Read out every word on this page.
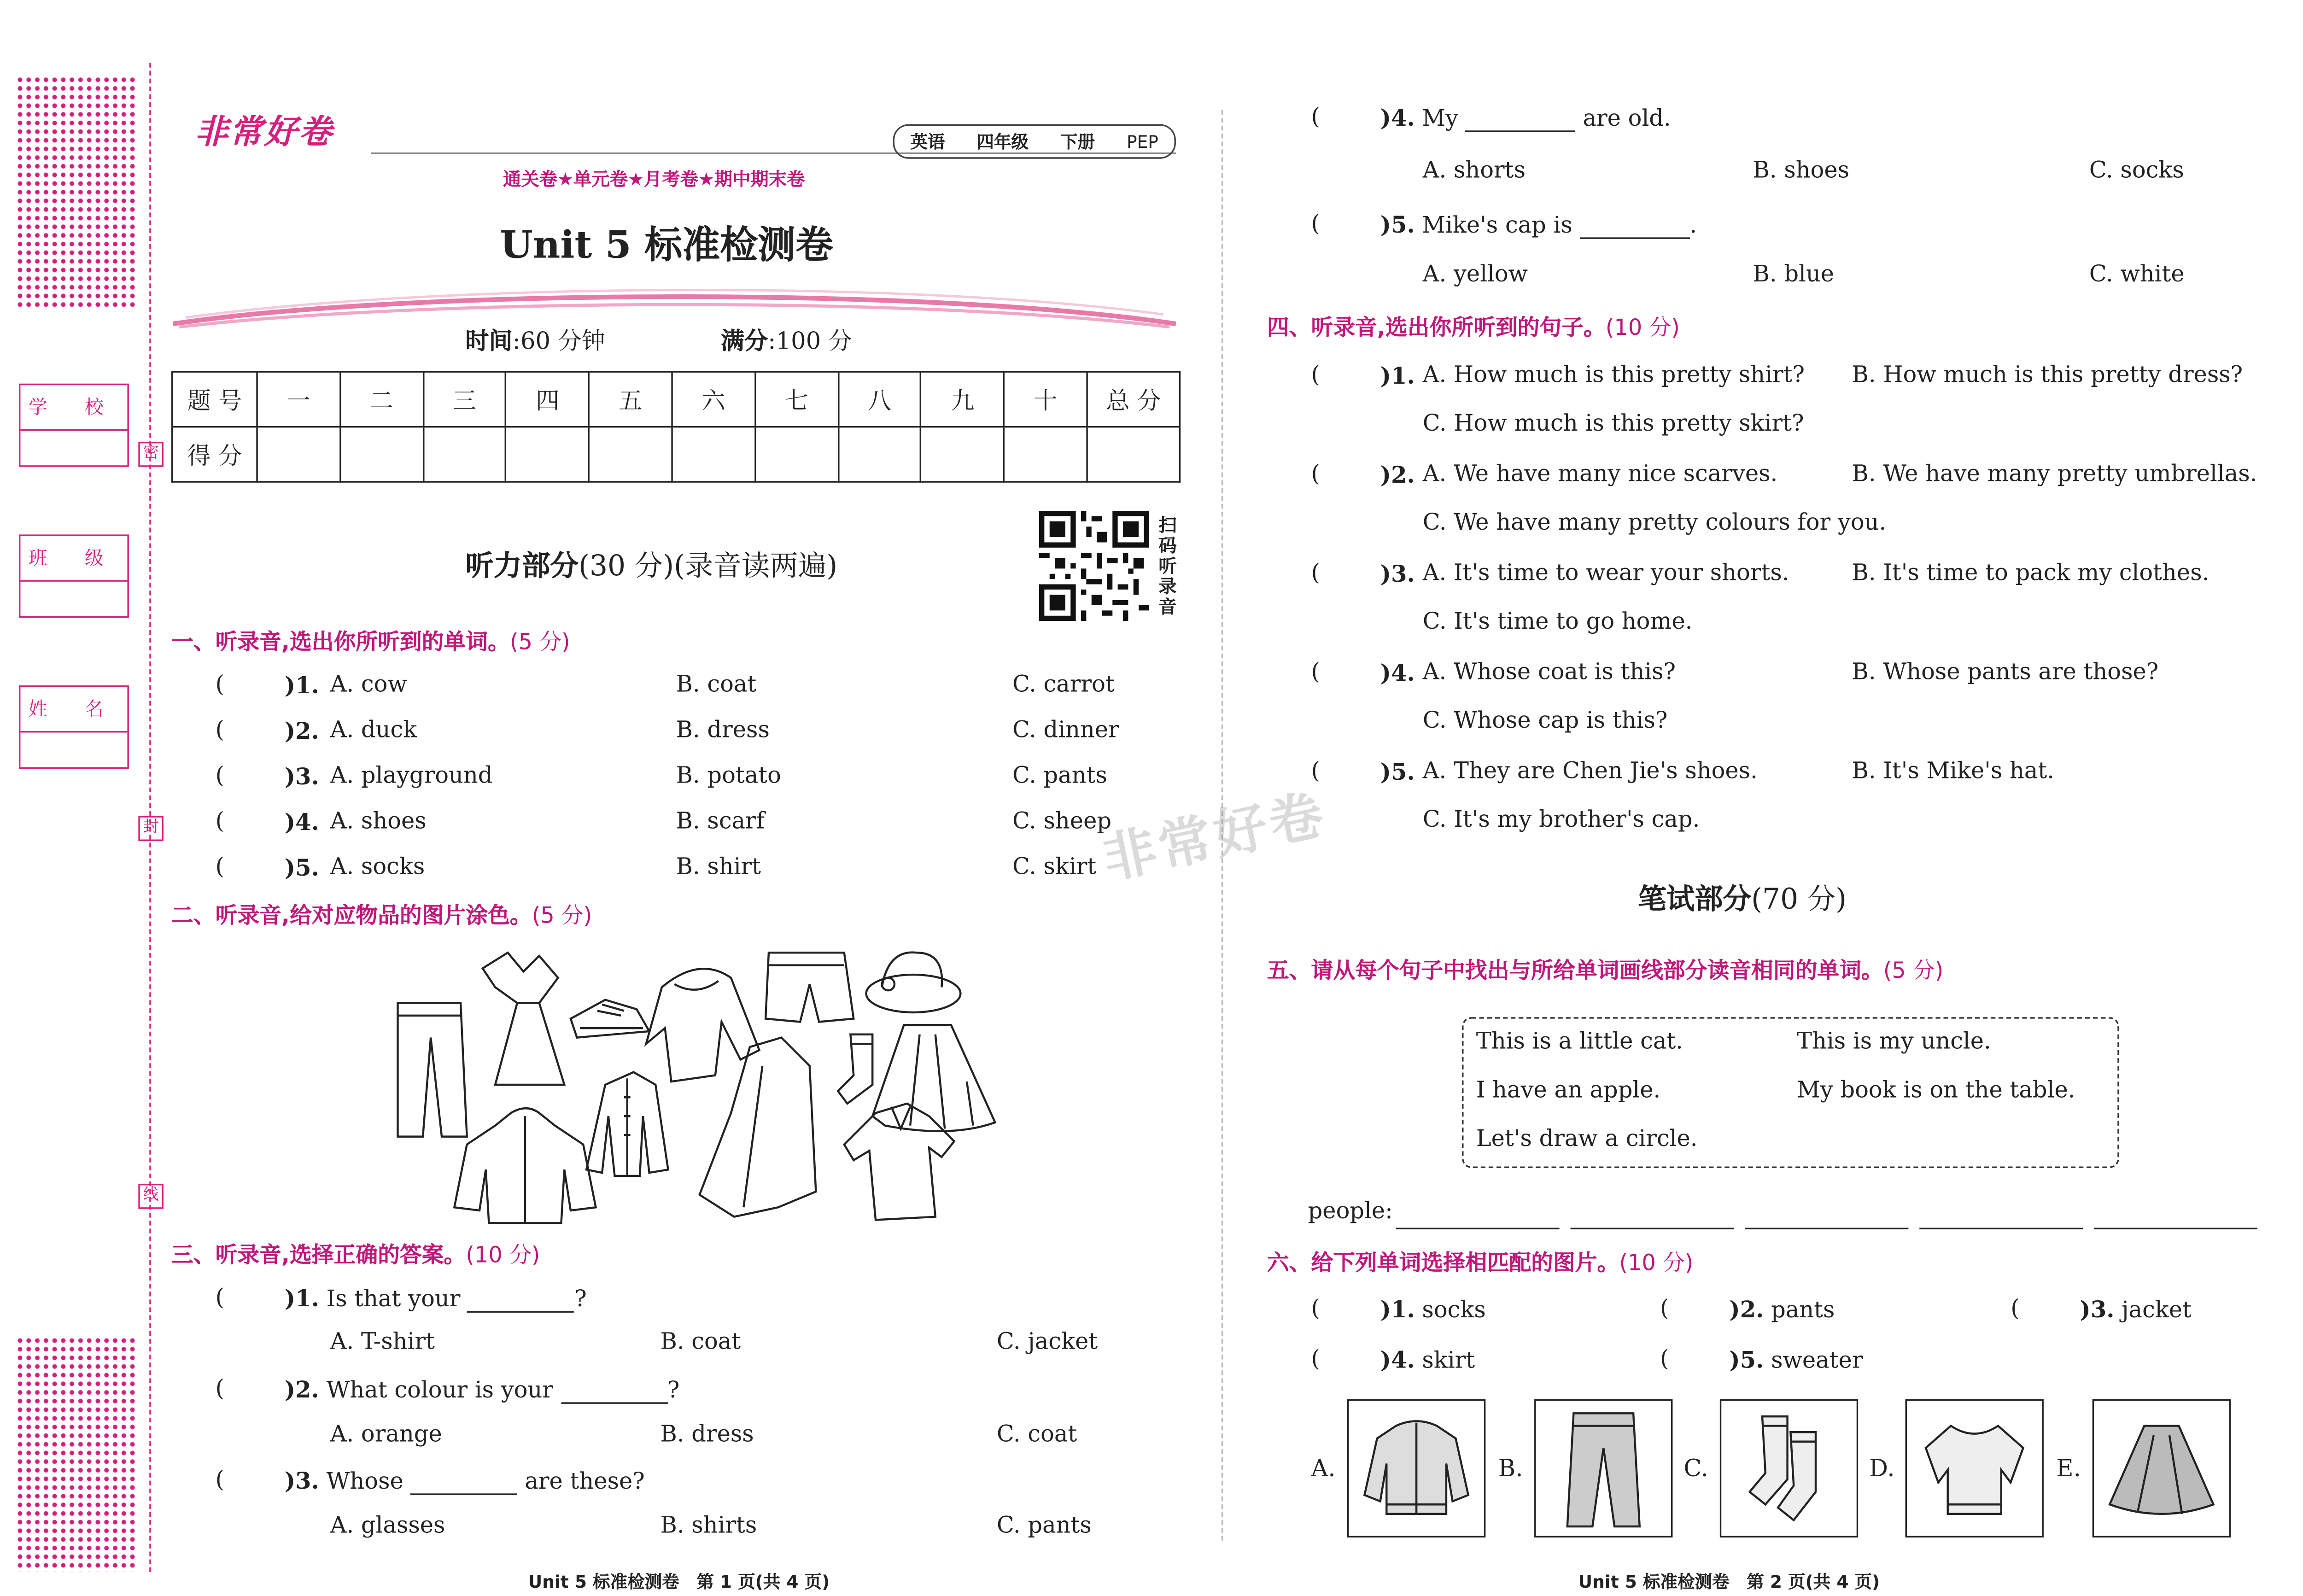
学 校
班 级
姓 名
密
封
线
非常好卷	英语	四年级	下册	PEP
通关卷★单元卷★月考卷★期中期末卷
Unit 5 标准检测卷
时间:60 分钟	满分:100 分
题 号	一	二	三	四	五	六	七	八	九	十	总 分
得 分											
听力部分(30 分)(录音读两遍)
扫码听录音
一、听录音,选出你所听到的单词。(5 分)
(	)1. A. cow	B. coat	C. carrot
(	)2. A. duck	B. dress	C. dinner
(	)3. A. playground	B. potato	C. pants
(	)4. A. shoes	B. scarf	C. sheep
(	)5. A. socks	B. shirt	C. skirt
二、听录音,给对应物品的图片涂色。(5 分)
三、听录音,选择正确的答案。(10 分)
(	)1. Is that your	?
A. T-shirt	B. coat	C. jacket
(	)2. What colour is your	?
A. orange	B. dress	C. coat
(	)3. Whose	are these?
A. glasses	B. shirts	C. pants
Unit 5 标准检测卷　第 1 页(共 4 页)
(	)4. My	are old.
A. shorts	B. shoes	C. socks
(	)5. Mike's cap is	.
A. yellow	B. blue	C. white
四、听录音,选出你所听到的句子。(10 分)
(	)1. A. How much is this pretty shirt?	B. How much is this pretty dress?
C. How much is this pretty skirt?
(	)2. A. We have many nice scarves.	B. We have many pretty umbrellas.
C. We have many pretty colours for you.
(	)3. A. It's time to wear your shorts.	B. It's time to pack my clothes.
C. It's time to go home.
(	)4. A. Whose coat is this?	B. Whose pants are those?
C. Whose cap is this?
(	)5. A. They are Chen Jie's shoes.	B. It's Mike's hat.
C. It's my brother's cap.
非常好卷
笔试部分(70 分)
五、请从每个句子中找出与所给单词画线部分读音相同的单词。(5 分)
This is a little cat.	This is my uncle.
I have an apple.	My book is on the table.
Let's draw a circle.
people:
六、给下列单词选择相匹配的图片。(10 分)
(	)1. socks	(	)2. pants	(	)3. jacket
(	)4. skirt	(	)5. sweater
A.	B.	C.	D.	E.
Unit 5 标准检测卷　第 2 页(共 4 页)
